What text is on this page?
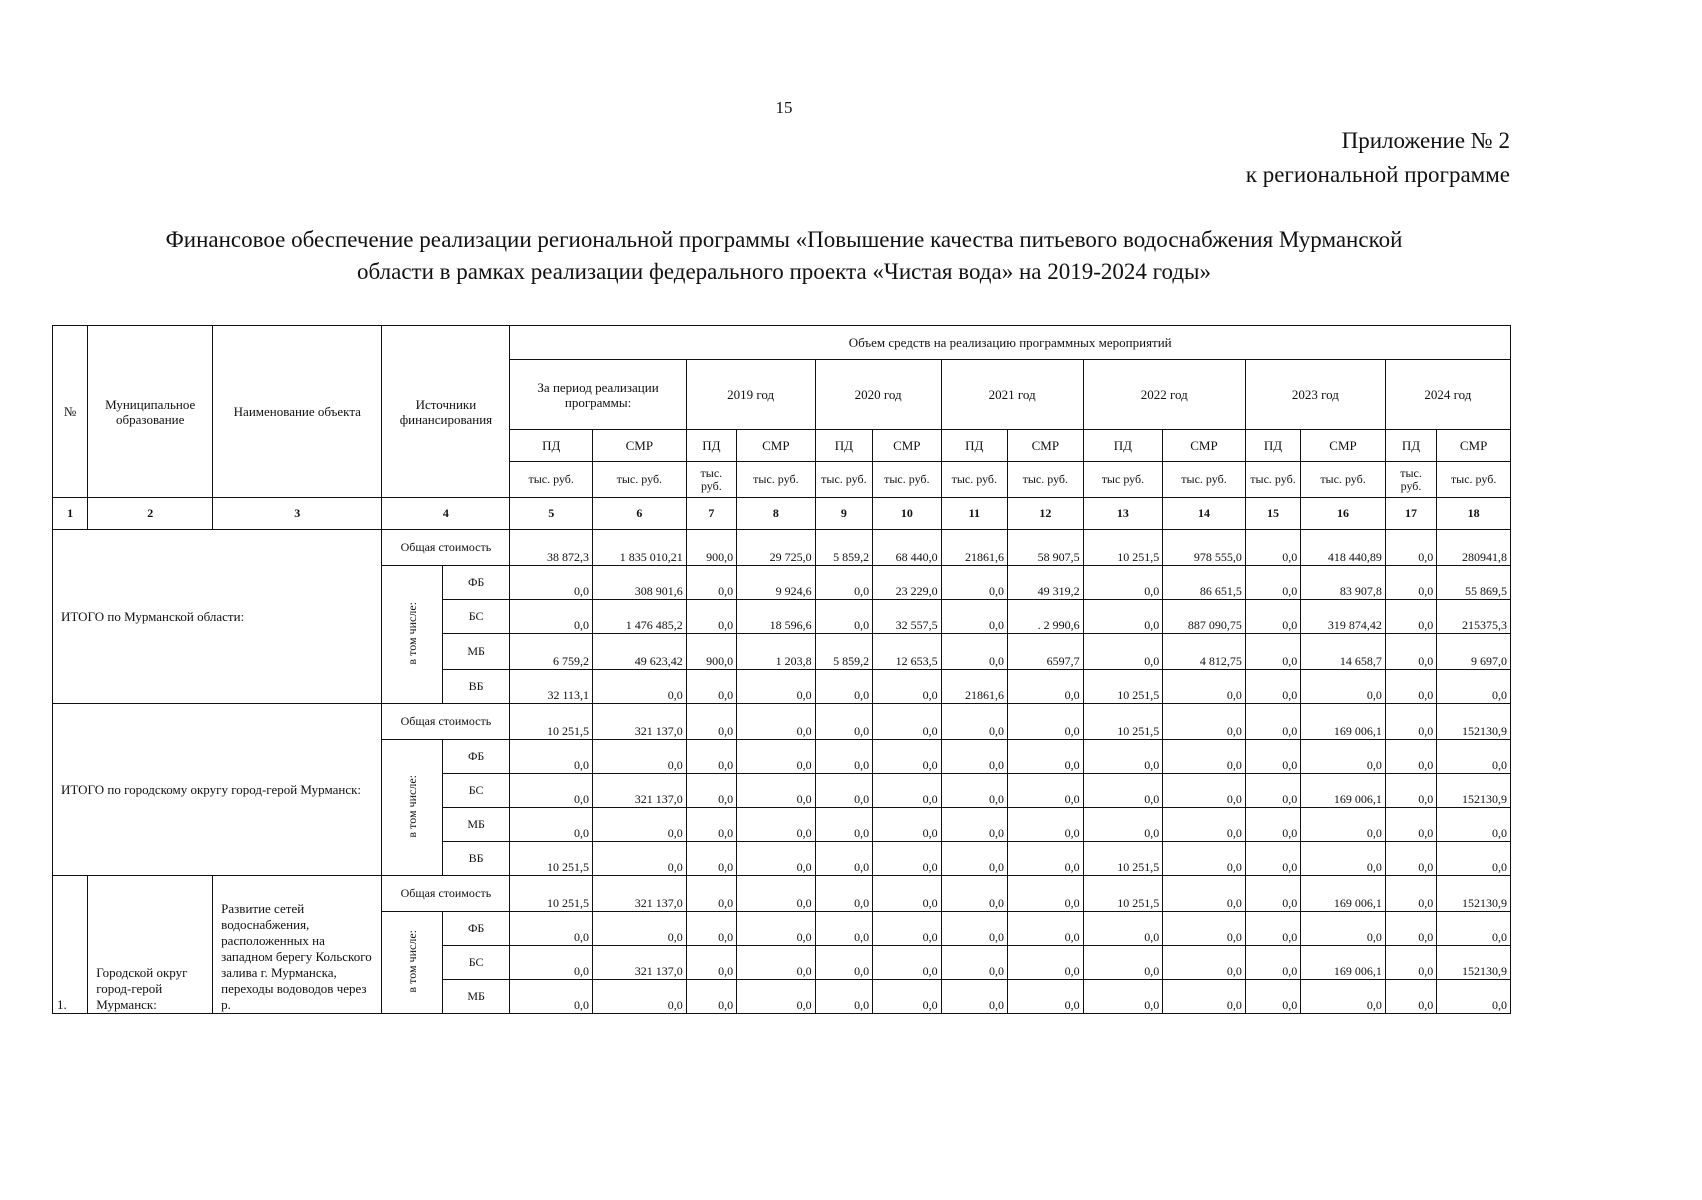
15
Приложение № 2
к региональной программе
Финансовое обеспечение реализации региональной программы «Повышение качества питьевого водоснабжения Мурманской
области в рамках реализации федерального проекта «Чистая вода» на 2019-2024 годы»
№	Муниципальное образование	Наименование объекта	Источники финансирования		Объем средств на реализацию программных мероприятий													
					За период реализации программы:		2019 год		2020 год		2021 год		2022 год		2023 год		2024 год	
					ПД	СМР	ПД	СМР	ПД	СМР	ПД	СМР	ПД	СМР	ПД	СМР	ПД	СМР
					тыс. руб.	тыс. руб.	тыс. руб.	тыс. руб.	тыс. руб.	тыс. руб.	тыс. руб.	тыс. руб.	тыс руб.	тыс. руб.	тыс. руб.	тыс. руб.	тыс. руб.	тыс. руб.
1	2	3	4		5	6	7	8	9	10	11	12	13	14	15	16	17	18
ИТОГО по Мурманской области:			Общая стоимость		38 872,3	1 835 010,21	900,0	29 725,0	5 859,2	68 440,0	21861,6	58 907,5	10 251,5	978 555,0	0,0	418 440,89	0,0	280941,8
			в том числе:	ФБ	0,0	308 901,6	0,0	9 924,6	0,0	23 229,0	0,0	49 319,2	0,0	86 651,5	0,0	83 907,8	0,0	55 869,5
				БС	0,0	1 476 485,2	0,0	18 596,6	0,0	32 557,5	0,0	. 2 990,6	0,0	887 090,75	0,0	319 874,42	0,0	215375,3
				МБ	6 759,2	49 623,42	900,0	1 203,8	5 859,2	12 653,5	0,0	6597,7	0,0	4 812,75	0,0	14 658,7	0,0	9 697,0
				ВБ	32 113,1	0,0	0,0	0,0	0,0	0,0	21861,6	0,0	10 251,5	0,0	0,0	0,0	0,0	0,0
ИТОГО по городскому округу город-герой Мурманск:			Общая стоимость		10 251,5	321 137,0	0,0	0,0	0,0	0,0	0,0	0,0	10 251,5	0,0	0,0	169 006,1	0,0	152130,9
			в том числе:	ФБ	0,0	0,0	0,0	0,0	0,0	0,0	0,0	0,0	0,0	0,0	0,0	0,0	0,0	0,0
				БС	0,0	321 137,0	0,0	0,0	0,0	0,0	0,0	0,0	0,0	0,0	0,0	169 006,1	0,0	152130,9
				МБ	0,0	0,0	0,0	0,0	0,0	0,0	0,0	0,0	0,0	0,0	0,0	0,0	0,0	0,0
				ВБ	10 251,5	0,0	0,0	0,0	0,0	0,0	0,0	0,0	10 251,5	0,0	0,0	0,0	0,0	0,0
1.	Городской округ город-герой Мурманск:	Развитие сетей водоснабжения, расположенных на западном берегу Кольского залива г. Мурманска, переходы водоводов через р.	Общая стоимость		10 251,5	321 137,0	0,0	0,0	0,0	0,0	0,0	0,0	10 251,5	0,0	0,0	169 006,1	0,0	152130,9
			в том числе:	ФБ	0,0	0,0	0,0	0,0	0,0	0,0	0,0	0,0	0,0	0,0	0,0	0,0	0,0	0,0
				БС	0,0	321 137,0	0,0	0,0	0,0	0,0	0,0	0,0	0,0	0,0	0,0	169 006,1	0,0	152130,9
				МБ	0,0	0,0	0,0	0,0	0,0	0,0	0,0	0,0	0,0	0,0	0,0	0,0	0,0	0,0
